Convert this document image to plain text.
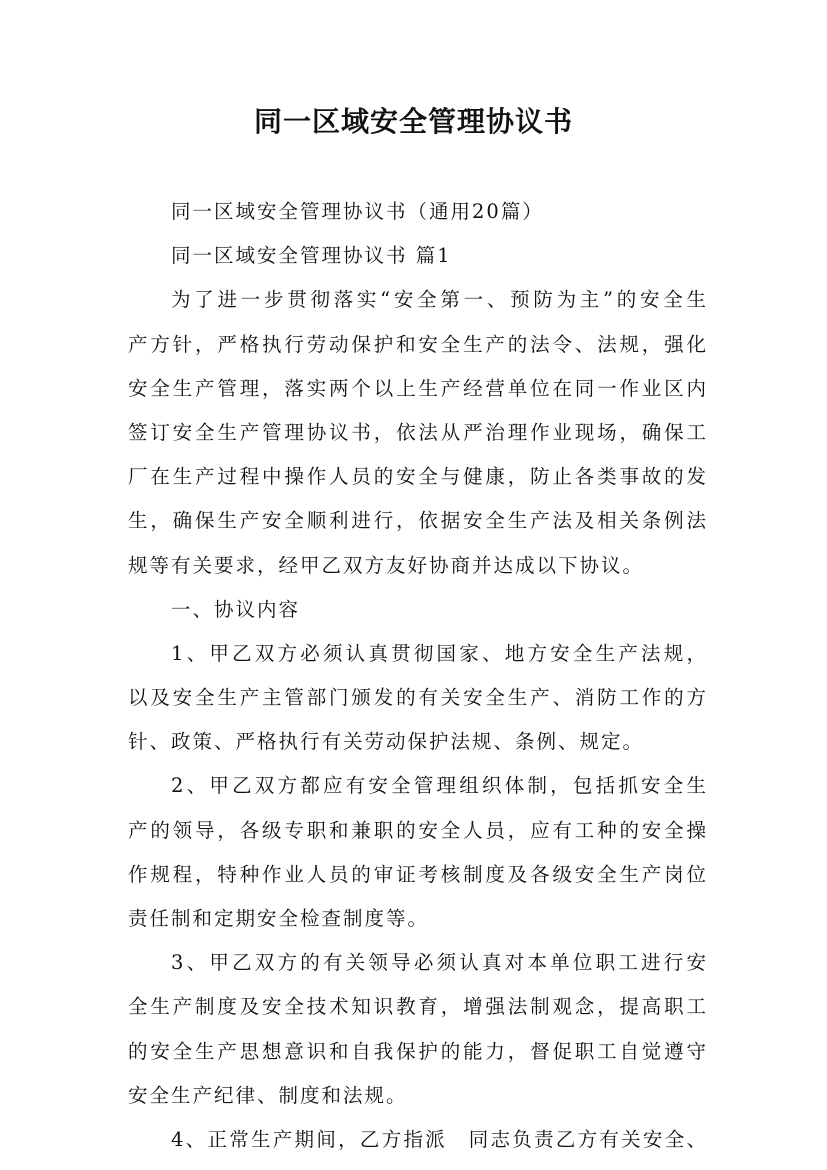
同一区域安全管理协议书
同一区域安全管理协议书（通用20篇）
同一区域安全管理协议书 篇1
为了进一步贯彻落实“安全第一、预防为主”的安全生
产方针，严格执行劳动保护和安全生产的法令、法规，强化
安全生产管理，落实两个以上生产经营单位在同一作业区内
签订安全生产管理协议书，依法从严治理作业现场，确保工
厂在生产过程中操作人员的安全与健康，防止各类事故的发
生，确保生产安全顺利进行，依据安全生产法及相关条例法
规等有关要求，经甲乙双方友好协商并达成以下协议。
一、协议内容
1、甲乙双方必须认真贯彻国家、地方安全生产法规，
以及安全生产主管部门颁发的有关安全生产、消防工作的方
针、政策、严格执行有关劳动保护法规、条例、规定。
2、甲乙双方都应有安全管理组织体制，包括抓安全生
产的领导，各级专职和兼职的安全人员，应有工种的安全操
作规程，特种作业人员的审证考核制度及各级安全生产岗位
责任制和定期安全检查制度等。
3、甲乙双方的有关领导必须认真对本单位职工进行安
全生产制度及安全技术知识教育，增强法制观念，提高职工
的安全生产思想意识和自我保护的能力，督促职工自觉遵守
安全生产纪律、制度和法规。
4、正常生产期间，乙方指派　同志负责乙方有关安全、
